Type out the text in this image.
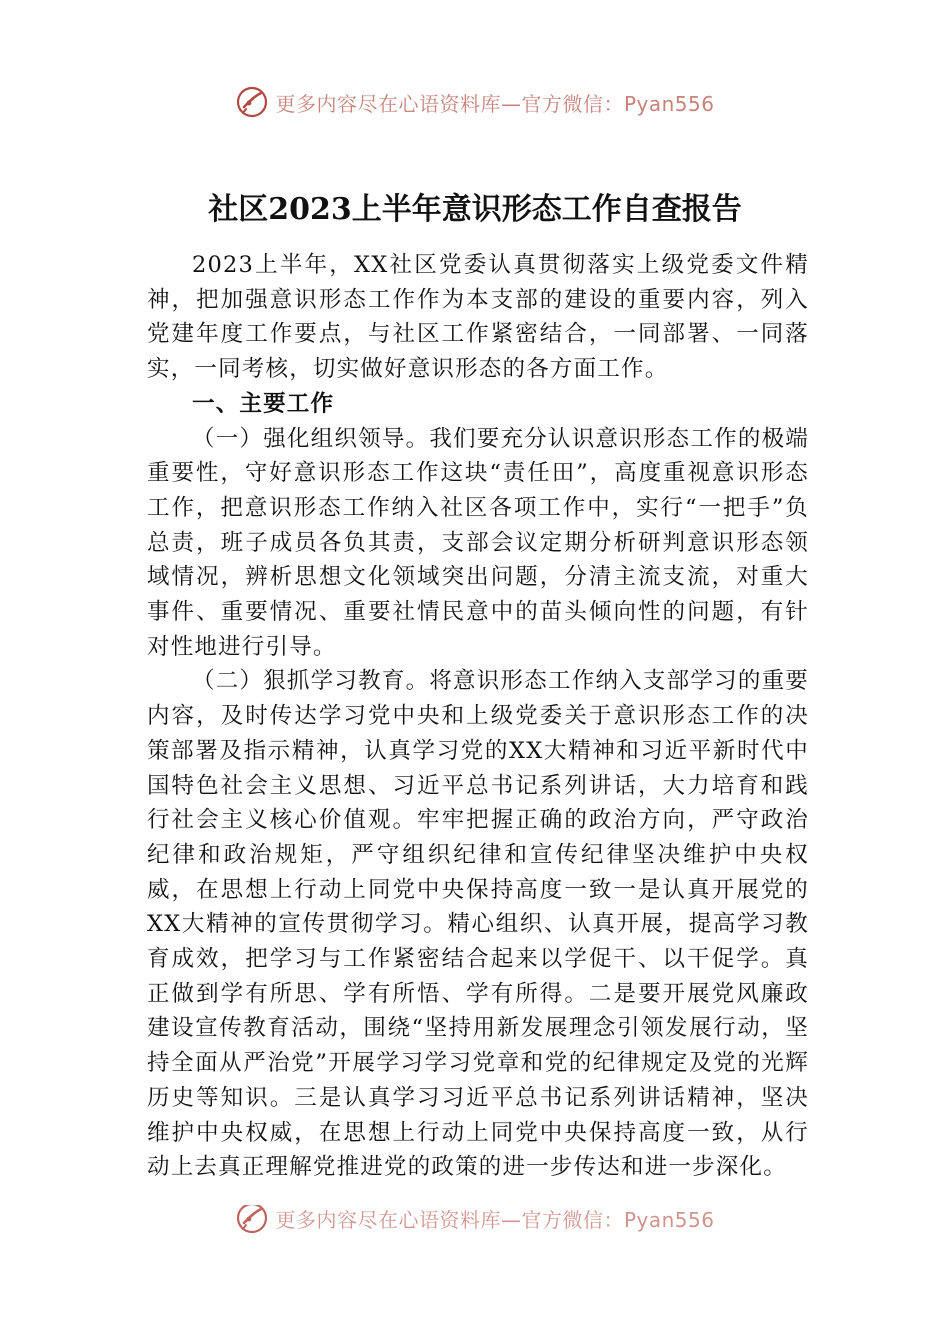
更多内容尽在心语资料库—官方微信：Pyan556
社区2023上半年意识形态工作自查报告

2023上半年，XX社区党委认真贯彻落实上级党委文件精神，把加强意识形态工作作为本支部的建设的重要内容，列入党建年度工作要点，与社区工作紧密结合，一同部署、一同落实，一同考核，切实做好意识形态的各方面工作。

一、主要工作

（一）强化组织领导。我们要充分认识意识形态工作的极端重要性，守好意识形态工作这块“责任田”，高度重视意识形态工作，把意识形态工作纳入社区各项工作中，实行“一把手”负总责，班子成员各负其责，支部会议定期分析研判意识形态领域情况，辨析思想文化领域突出问题，分清主流支流，对重大事件、重要情况、重要社情民意中的苗头倾向性的问题，有针对性地进行引导。

（二）狠抓学习教育。将意识形态工作纳入支部学习的重要内容，及时传达学习党中央和上级党委关于意识形态工作的决策部署及指示精神，认真学习党的XX大精神和习近平新时代中国特色社会主义思想、习近平总书记系列讲话，大力培育和践行社会主义核心价值观。牢牢把握正确的政治方向，严守政治纪律和政治规矩，严守组织纪律和宣传纪律坚决维护中央权威，在思想上行动上同党中央保持高度一致一是认真开展党的XX大精神的宣传贯彻学习。精心组织、认真开展，提高学习教育成效，把学习与工作紧密结合起来以学促干、以干促学。真正做到学有所思、学有所悟、学有所得。二是要开展党风廉政建设宣传教育活动，围绕“坚持用新发展理念引领发展行动，坚持全面从严治党”开展学习学习党章和党的纪律规定及党的光辉历史等知识。三是认真学习习近平总书记系列讲话精神，坚决维护中央权威，在思想上行动上同党中央保持高度一致，从行动上去真正理解党推进党的政策的进一步传达和进一步深化。

更多内容尽在心语资料库—官方微信：Pyan556
